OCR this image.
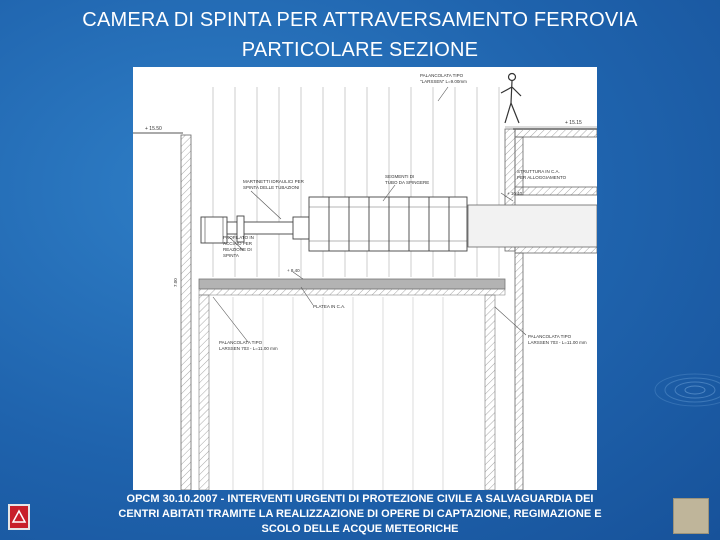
CAMERA DI SPINTA PER ATTRAVERSAMENTO FERROVIA
PARTICOLARE SEZIONE
PALANCOLATA TIPO
"LARSSEN" L=9.00mm
+ 15.50
+ 15.15
MARTINETTI IDRAULICI PER
SPINTA DELLE TUBAZIONI
SEGMENTI DI
TUBO DA SPINGERE
STRUTTURA IN C.A.
PER ALLOGGIAMENTO
+ 10.40
PROFILATO IN
ACCIAIO PER
REAZIONE DI
SPINTA
+ 8.40
PLATEA IN C.A.
PALANCOLATA TIPO
LARSSEN 703 - L=11.00 mm
PALANCOLATA TIPO
LARSSEN 703 - L=11.00 mm
7.00
OPCM 30.10.2007 - INTERVENTI URGENTI DI PROTEZIONE CIVILE A SALVAGUARDIA DEI
CENTRI ABITATI TRAMITE LA REALIZZAZIONE DI OPERE DI CAPTAZIONE, REGIMAZIONE E
SCOLO DELLE ACQUE METEORICHE
